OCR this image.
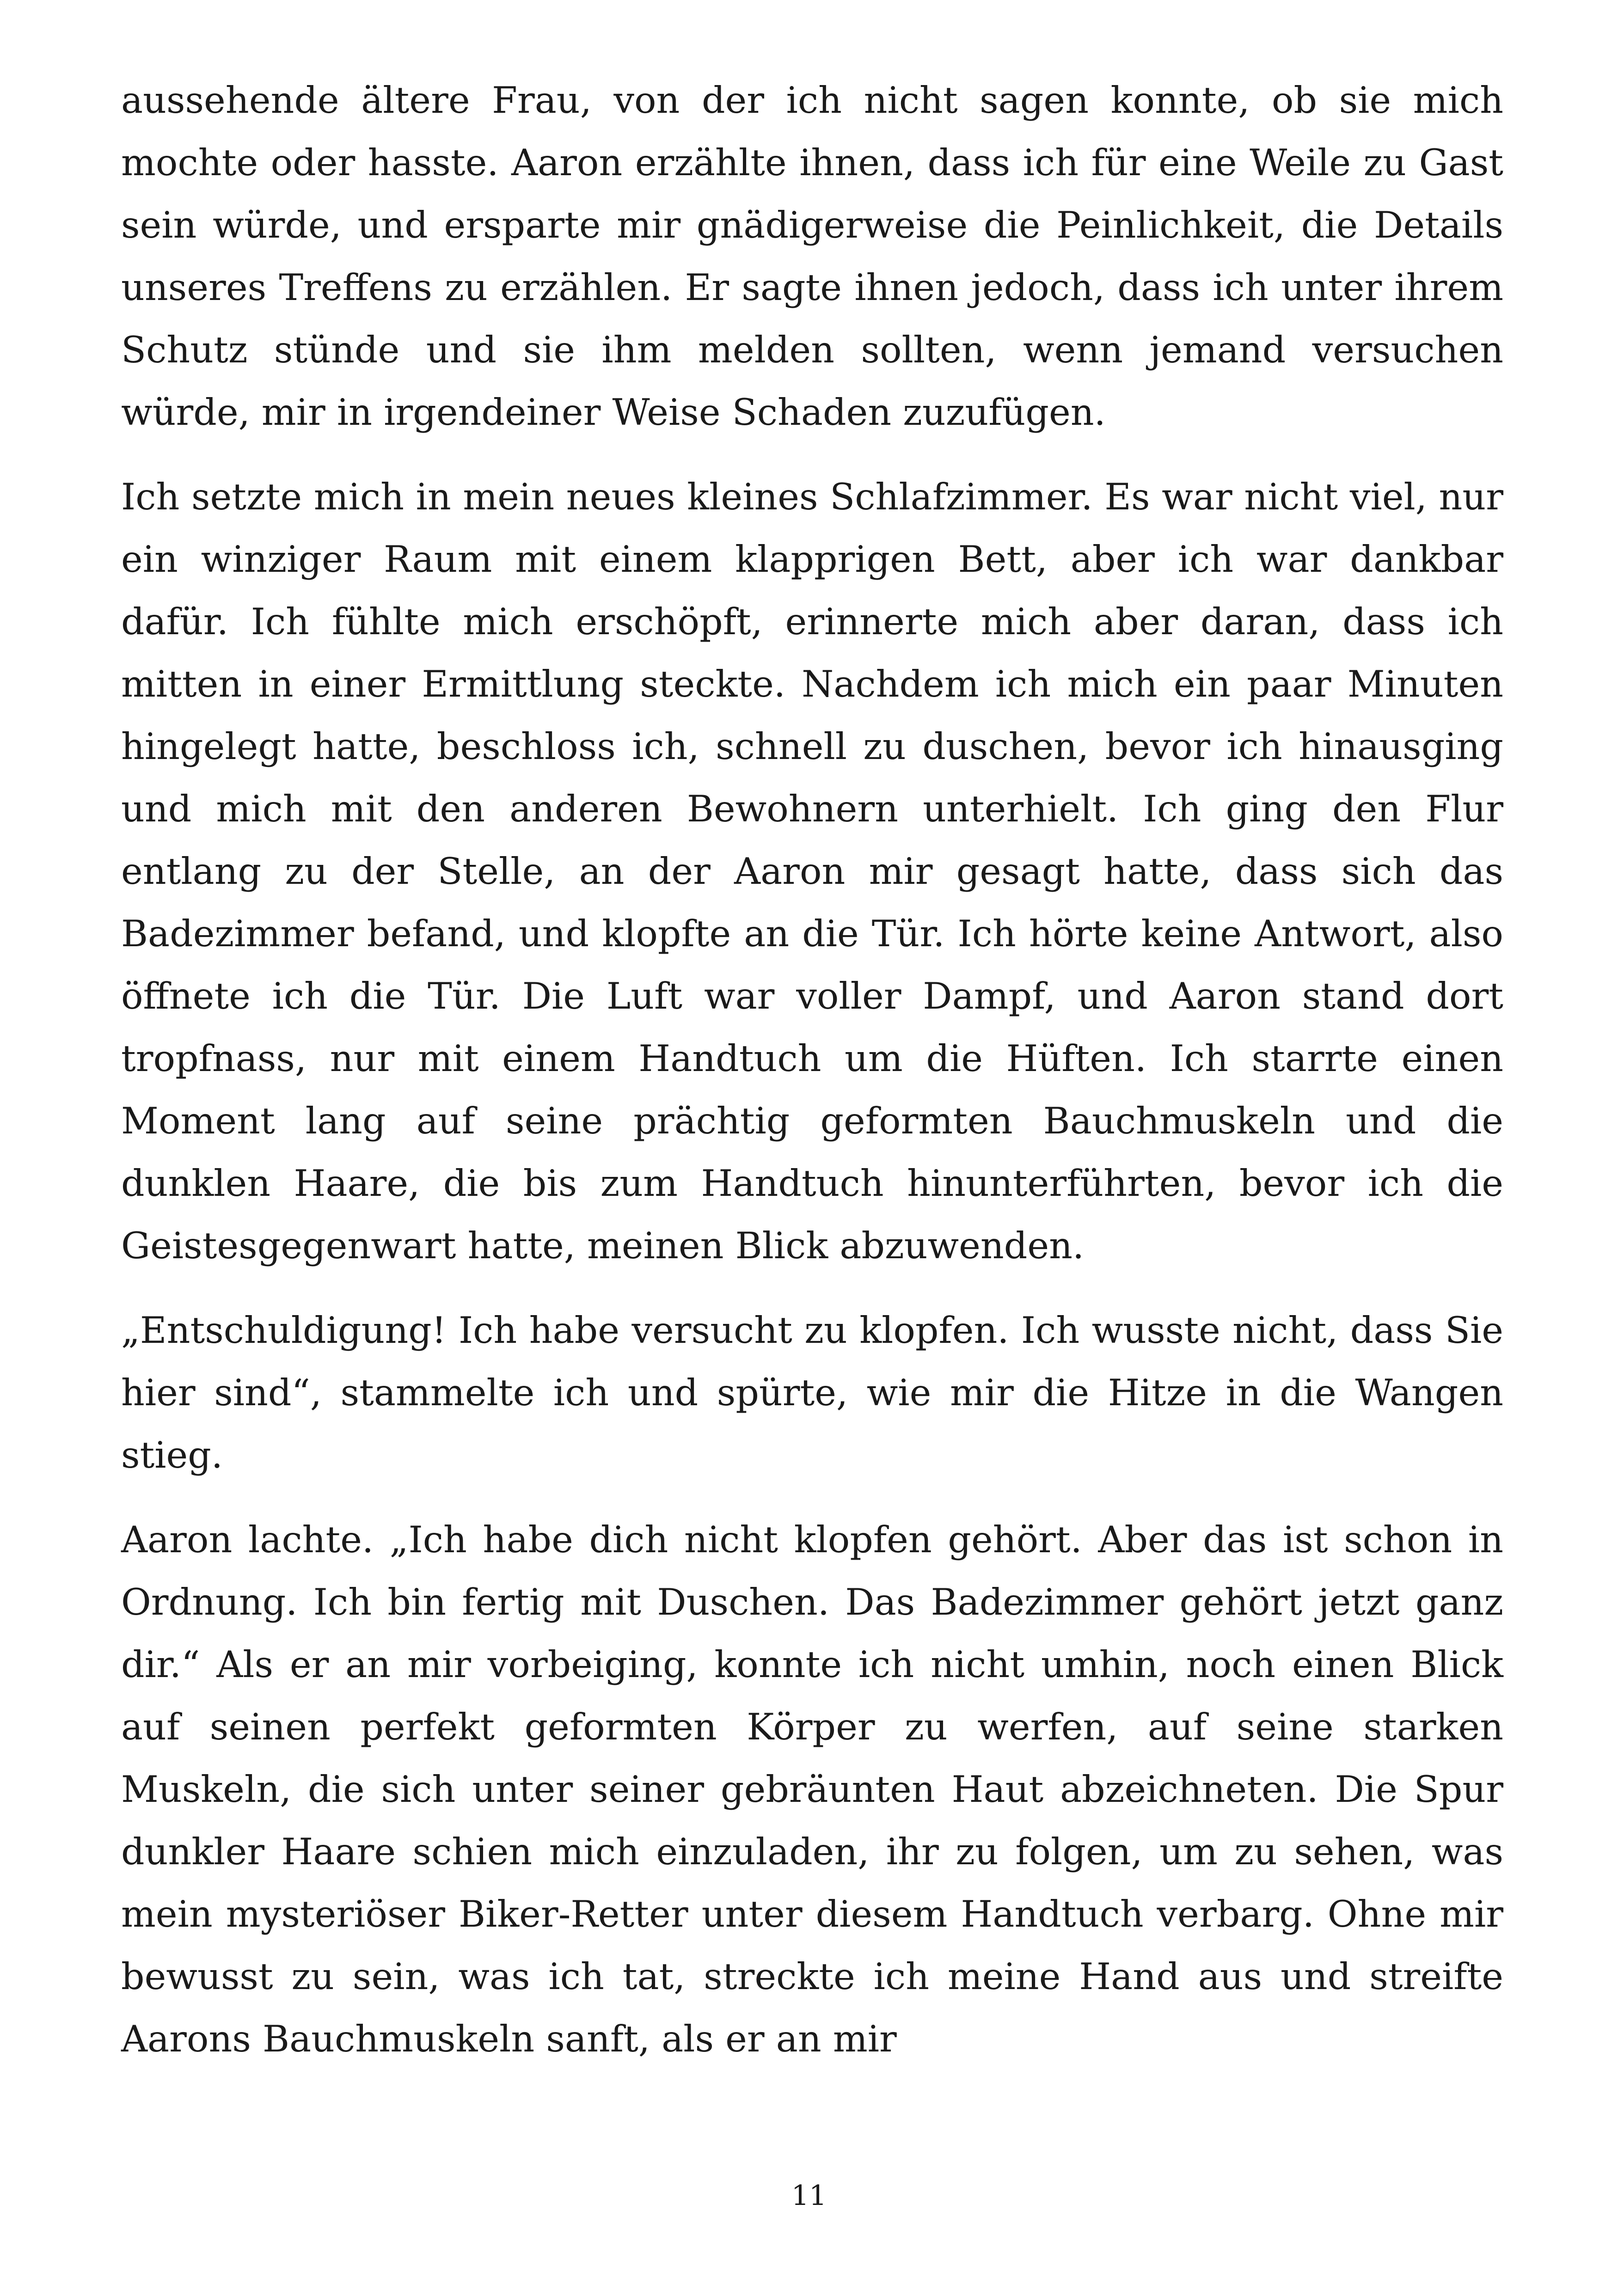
aussehende ältere Frau, von der ich nicht sagen konnte, ob sie mich mochte oder hasste. Aaron erzählte ihnen, dass ich für eine Weile zu Gast sein würde, und ersparte mir gnädigerweise die Peinlichkeit, die Details unseres Treffens zu erzählen. Er sagte ihnen jedoch, dass ich unter ihrem Schutz stünde und sie ihm melden sollten, wenn jemand versuchen würde, mir in irgendeiner Weise Schaden zuzufügen.

Ich setzte mich in mein neues kleines Schlafzimmer. Es war nicht viel, nur ein winziger Raum mit einem klapprigen Bett, aber ich war dankbar dafür. Ich fühlte mich erschöpft, erinnerte mich aber daran, dass ich mitten in einer Ermittlung steckte. Nachdem ich mich ein paar Minuten hingelegt hatte, beschloss ich, schnell zu duschen, bevor ich hinausging und mich mit den anderen Bewohnern unterhielt. Ich ging den Flur entlang zu der Stelle, an der Aaron mir gesagt hatte, dass sich das Badezimmer befand, und klopfte an die Tür. Ich hörte keine Antwort, also öffnete ich die Tür. Die Luft war voller Dampf, und Aaron stand dort tropfnass, nur mit einem Handtuch um die Hüften. Ich starrte einen Moment lang auf seine prächtig geformten Bauchmuskeln und die dunklen Haare, die bis zum Handtuch hinunterführten, bevor ich die Geistesgegenwart hatte, meinen Blick abzuwenden.

„Entschuldigung! Ich habe versucht zu klopfen. Ich wusste nicht, dass Sie hier sind“, stammelte ich und spürte, wie mir die Hitze in die Wangen stieg.

Aaron lachte. „Ich habe dich nicht klopfen gehört. Aber das ist schon in Ordnung. Ich bin fertig mit Duschen. Das Badezimmer gehört jetzt ganz dir.“ Als er an mir vorbeiging, konnte ich nicht umhin, noch einen Blick auf seinen perfekt geformten Körper zu werfen, auf seine starken Muskeln, die sich unter seiner gebräunten Haut abzeichneten. Die Spur dunkler Haare schien mich einzuladen, ihr zu folgen, um zu sehen, was mein mysteriöser Biker-Retter unter diesem Handtuch verbarg. Ohne mir bewusst zu sein, was ich tat, streckte ich meine Hand aus und streifte Aarons Bauchmuskeln sanft, als er an mir

11
